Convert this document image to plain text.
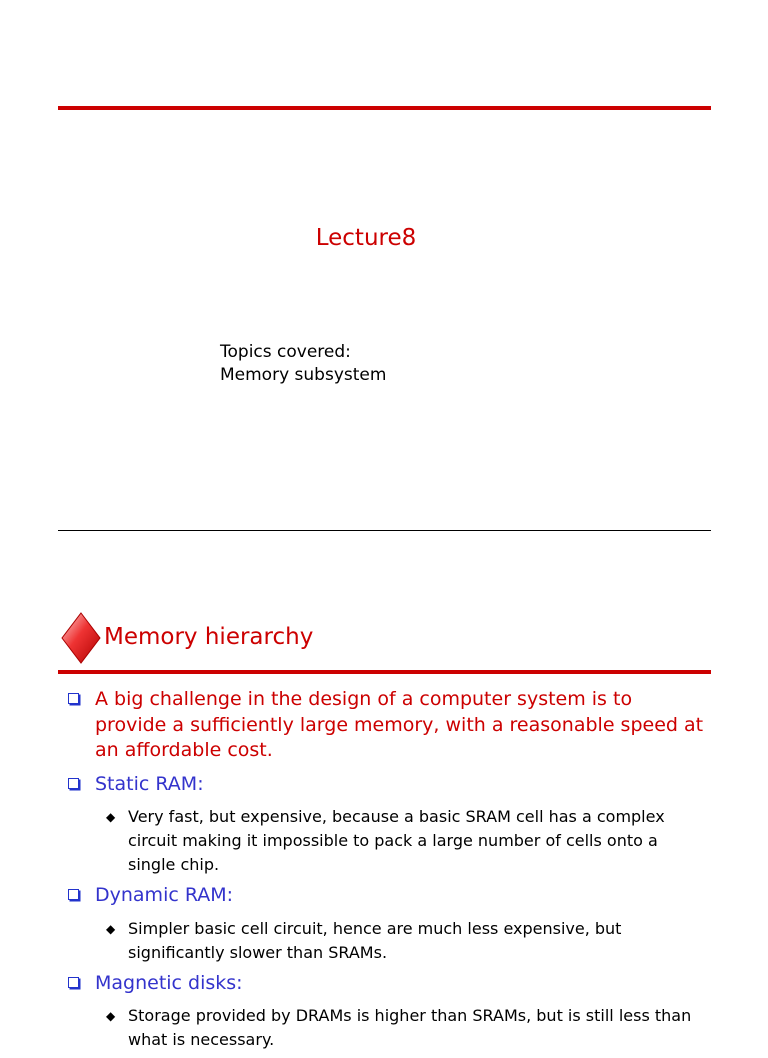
Lecture8
Topics covered:
Memory subsystem
Memory hierarchy
A big challenge in the design of a computer system is to provide a sufficiently large memory, with a reasonable speed at an affordable cost.
Static RAM:
◆ Very fast, but expensive, because a basic SRAM cell has a complex circuit making it impossible to pack a large number of cells onto a single chip.
Dynamic RAM:
◆ Simpler basic cell circuit, hence are much less expensive, but significantly slower than SRAMs.
Magnetic disks:
◆ Storage provided by DRAMs is higher than SRAMs, but is still less than what is necessary.
